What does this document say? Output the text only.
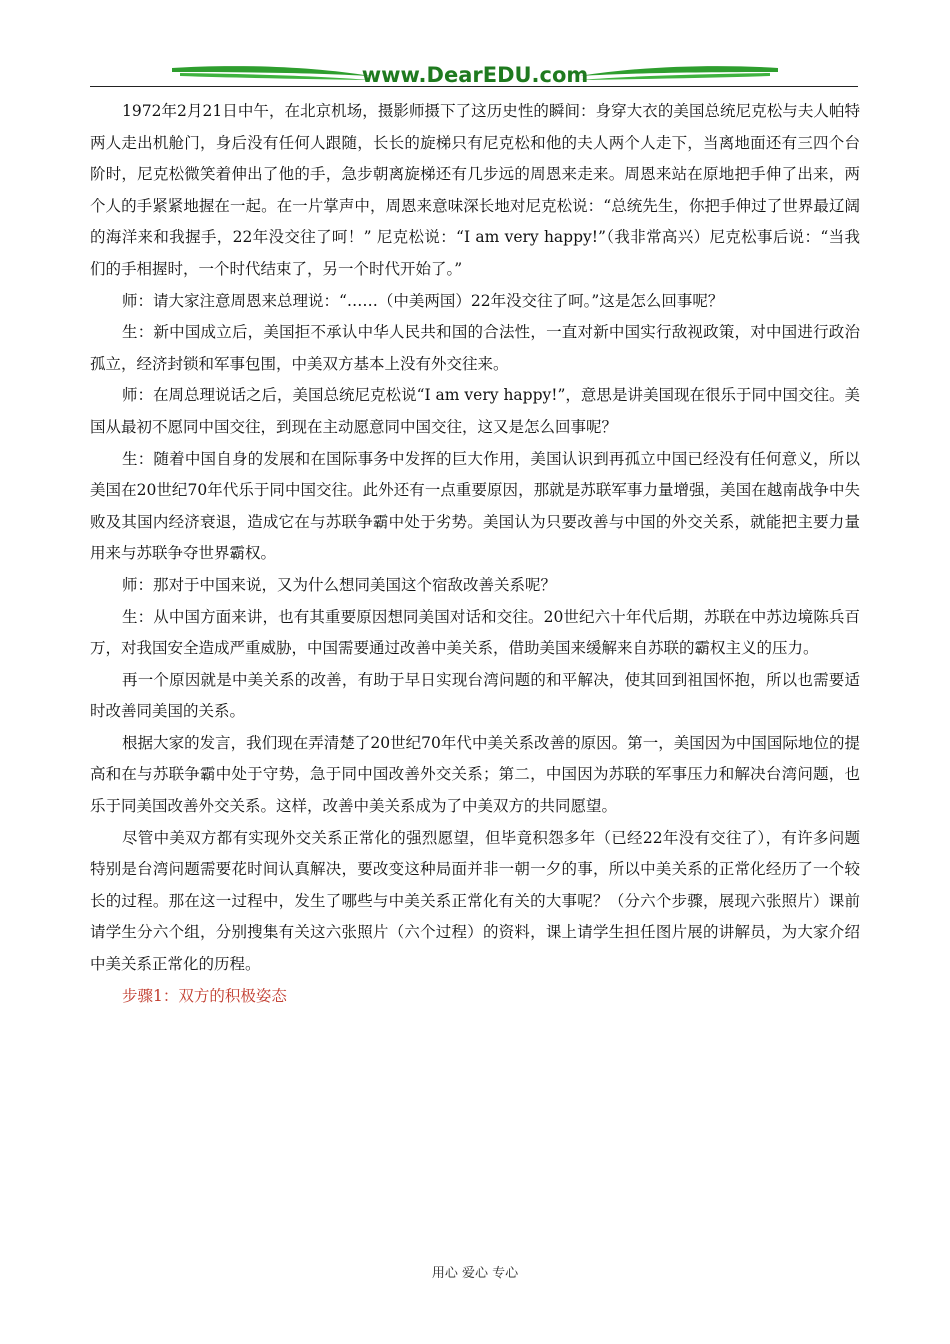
www.DearEDU.com

1972年2月21日中午，在北京机场，摄影师摄下了这历史性的瞬间：身穿大衣的美国总统尼克松与夫人帕特两人走出机舱门，身后没有任何人跟随，长长的旋梯只有尼克松和他的夫人两个人走下，当离地面还有三四个台阶时，尼克松微笑着伸出了他的手，急步朝离旋梯还有几步远的周恩来走来。周恩来站在原地把手伸了出来，两个人的手紧紧地握在一起。在一片掌声中，周恩来意味深长地对尼克松说：“总统先生，你把手伸过了世界最辽阔的海洋来和我握手，22年没交往了呵！” 尼克松说：“I am very happy!”（我非常高兴）尼克松事后说：“当我们的手相握时，一个时代结束了，另一个时代开始了。”

师：请大家注意周恩来总理说：“……（中美两国）22年没交往了呵。”这是怎么回事呢？

生：新中国成立后，美国拒不承认中华人民共和国的合法性，一直对新中国实行敌视政策，对中国进行政治孤立，经济封锁和军事包围，中美双方基本上没有外交往来。

师：在周总理说话之后，美国总统尼克松说“I am very happy!”，意思是讲美国现在很乐于同中国交往。美国从最初不愿同中国交往，到现在主动愿意同中国交往，这又是怎么回事呢？

生：随着中国自身的发展和在国际事务中发挥的巨大作用，美国认识到再孤立中国已经没有任何意义，所以美国在20世纪70年代乐于同中国交往。此外还有一点重要原因，那就是苏联军事力量增强，美国在越南战争中失败及其国内经济衰退，造成它在与苏联争霸中处于劣势。美国认为只要改善与中国的外交关系，就能把主要力量用来与苏联争夺世界霸权。

师：那对于中国来说，又为什么想同美国这个宿敌改善关系呢？

生：从中国方面来讲，也有其重要原因想同美国对话和交往。20世纪六十年代后期，苏联在中苏边境陈兵百万，对我国安全造成严重威胁，中国需要通过改善中美关系，借助美国来缓解来自苏联的霸权主义的压力。

再一个原因就是中美关系的改善，有助于早日实现台湾问题的和平解决，使其回到祖国怀抱，所以也需要适时改善同美国的关系。

根据大家的发言，我们现在弄清楚了20世纪70年代中美关系改善的原因。第一，美国因为中国国际地位的提高和在与苏联争霸中处于守势，急于同中国改善外交关系；第二，中国因为苏联的军事压力和解决台湾问题，也乐于同美国改善外交关系。这样，改善中美关系成为了中美双方的共同愿望。

尽管中美双方都有实现外交关系正常化的强烈愿望，但毕竟积怨多年（已经22年没有交往了），有许多问题特别是台湾问题需要花时间认真解决，要改变这种局面并非一朝一夕的事，所以中美关系的正常化经历了一个较长的过程。那在这一过程中，发生了哪些与中美关系正常化有关的大事呢？（分六个步骤，展现六张照片）课前请学生分六个组，分别搜集有关这六张照片（六个过程）的资料，课上请学生担任图片展的讲解员，为大家介绍中美关系正常化的历程。

步骤1：双方的积极姿态

用心 爱心 专心
